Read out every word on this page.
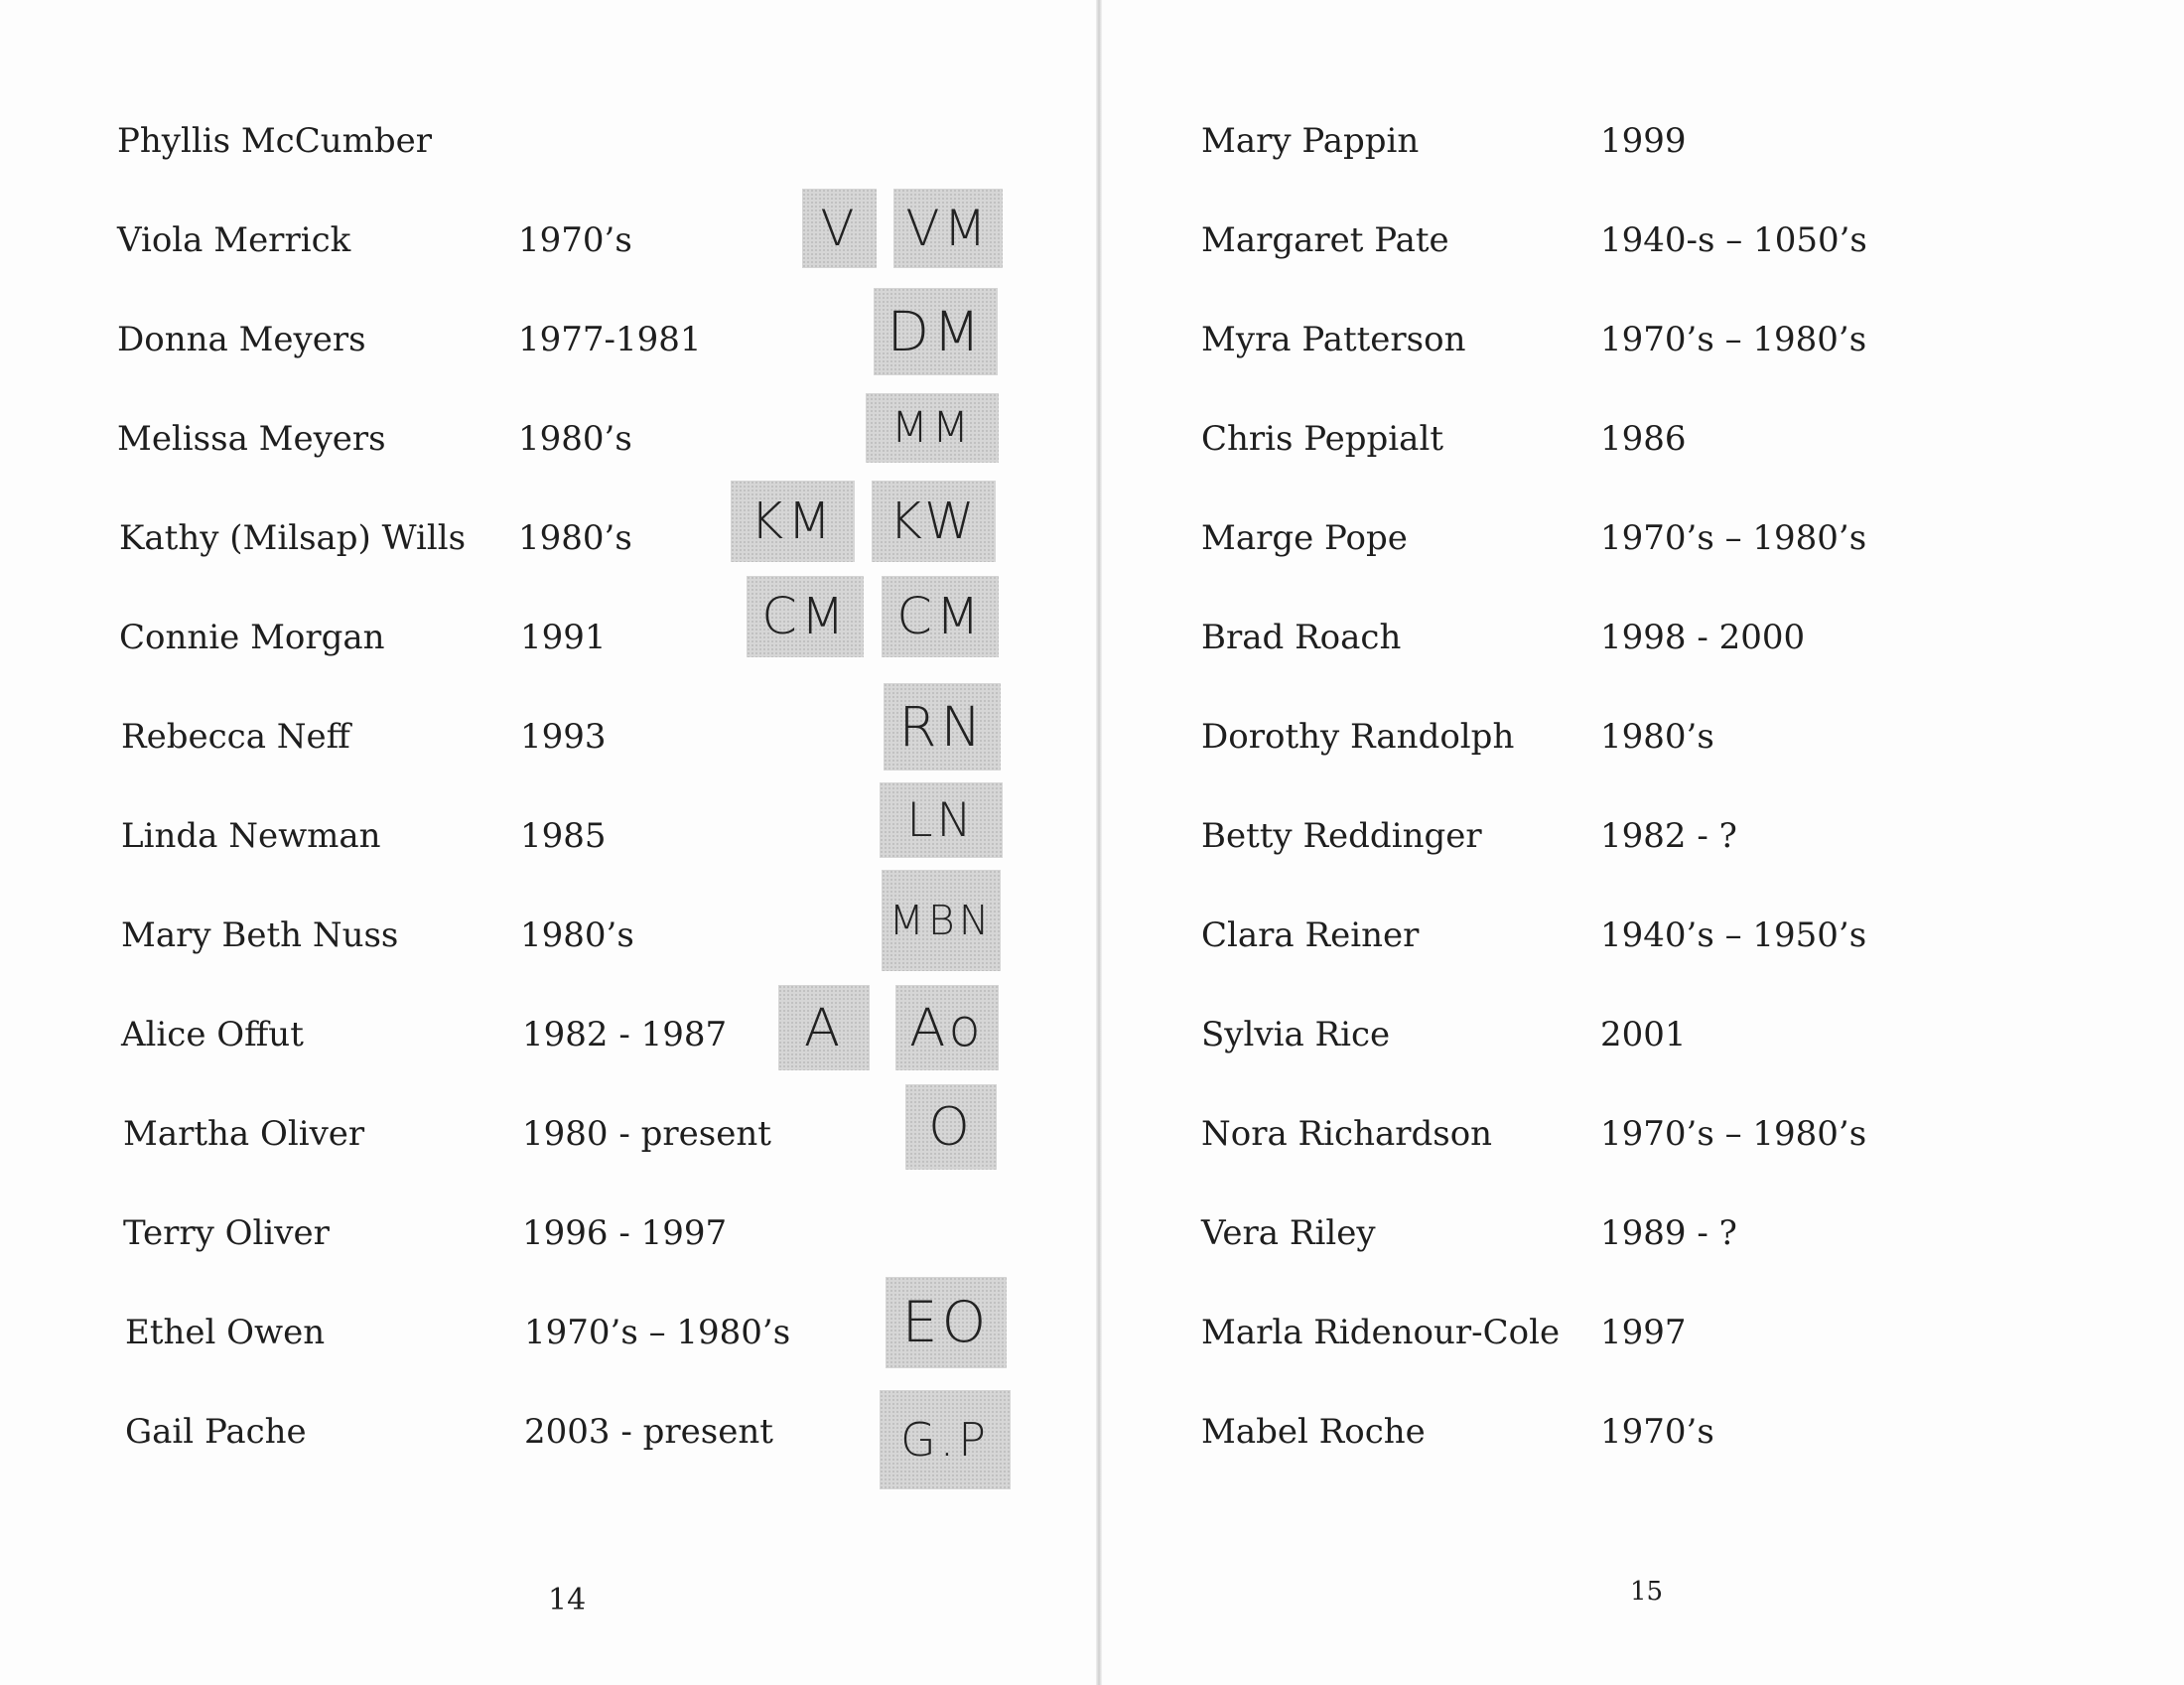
Phyllis McCumber
Viola Merrick	1970’s	V VM
Donna Meyers	1977-1981	DM
Melissa Meyers	1980’s	MM
Kathy (Milsap) Wills 1980’s	KM	KW
Connie Morgan	1991	CM CM
Rebecca Neff	1993	RN
Linda Newman	1985	LN
Mary Beth Nuss	1980’s	MBN
Alice Offut	1982 - 1987	A	Ao
Martha Oliver	1980 - present	O
Terry Oliver	1996 - 1997
Ethel Owen	1970’s – 1980’s EO
Gail Pache	2003 - present	G.P
14
Mary Pappin	1999
Margaret Pate	1940-s – 1050’s
Myra Patterson	1970’s – 1980’s
Chris Peppialt	1986
Marge Pope	1970’s – 1980’s
Brad Roach	1998 - 2000
Dorothy Randolph	1980’s
Betty Reddinger	1982 - ?
Clara Reiner	1940’s – 1950’s
Sylvia Rice	2001
Nora Richardson	1970’s – 1980’s
Vera Riley	1989 - ?
Marla Ridenour-Cole 1997
Mabel Roche	1970’s
15
